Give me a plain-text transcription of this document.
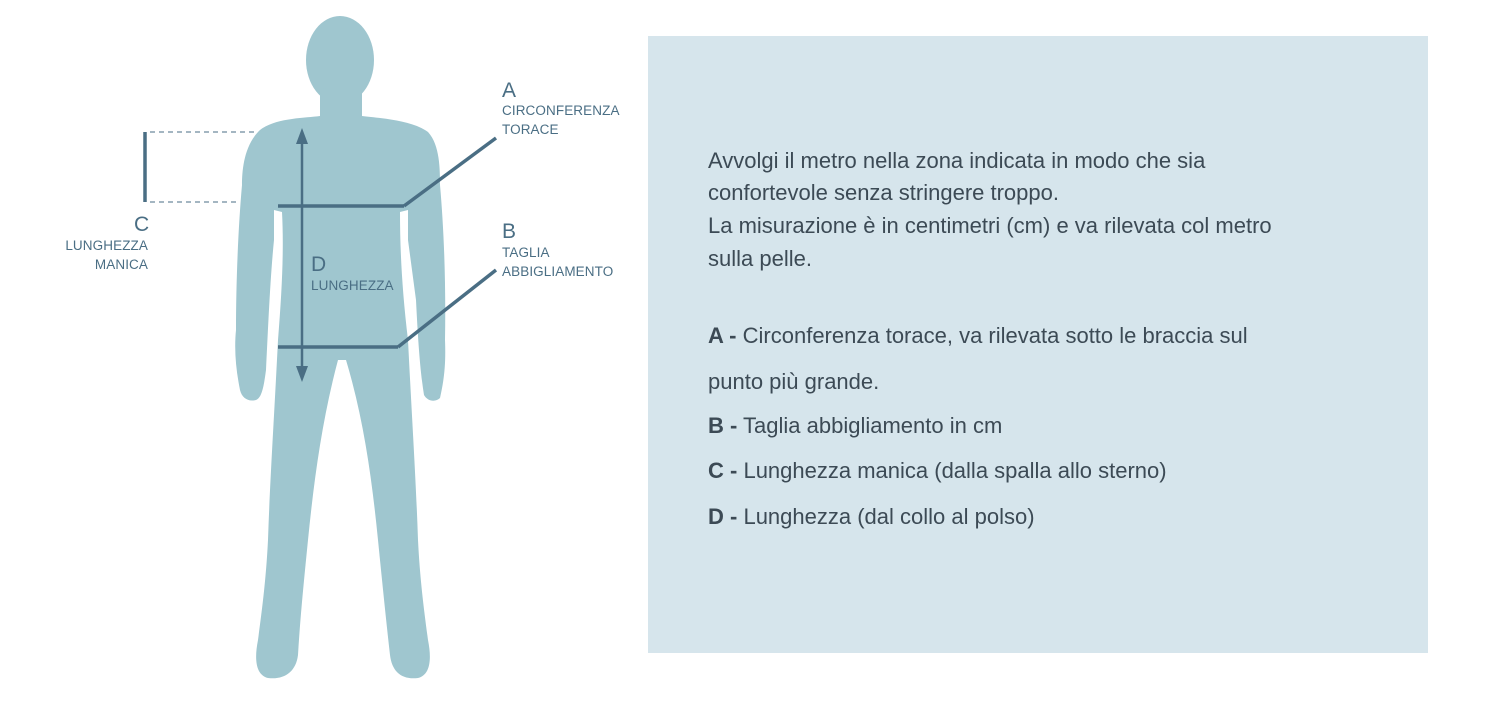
A
CIRCONFERENZA
TORACE
B
TAGLIA
ABBIGLIAMENTO
C
LUNGHEZZA
MANICA	D
LUNGHEZZA
Avvolgi il metro nella zona indicata in modo che sia
confortevole senza stringere troppo.
La misurazione è in centimetri (cm) e va rilevata col metro
sulla pelle.
A - Circonferenza torace, va rilevata sotto le braccia sul
punto più grande.
B - Taglia abbigliamento in cm
C - Lunghezza manica (dalla spalla allo sterno)
D - Lunghezza (dal collo al polso)
